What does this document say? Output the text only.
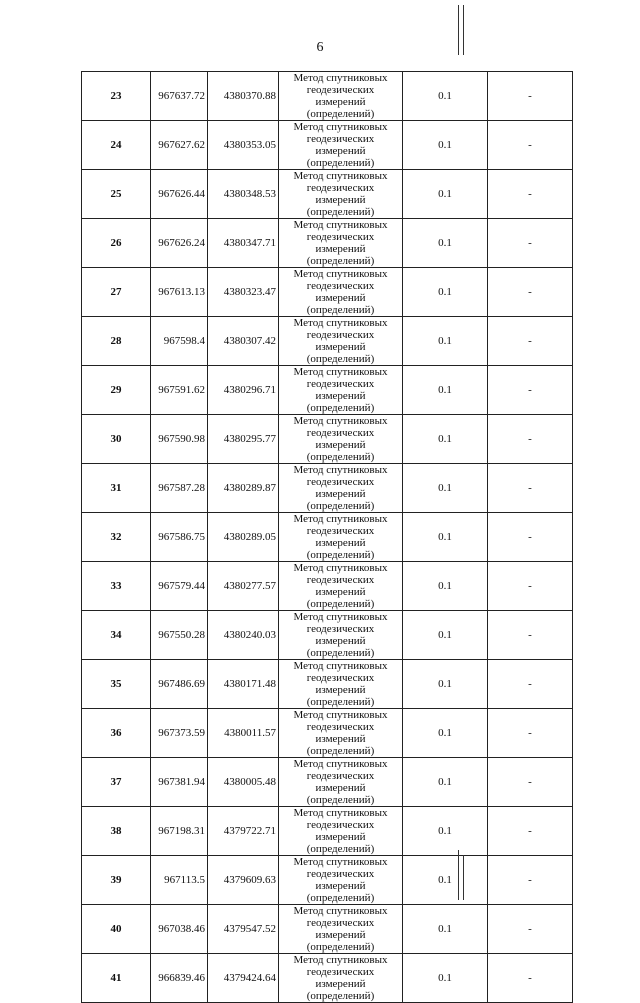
6
23	967637.72	4380370.88	Метод спутниковых геодезических измерений (определений)	0.1	-
24	967627.62	4380353.05	Метод спутниковых геодезических измерений (определений)	0.1	-
25	967626.44	4380348.53	Метод спутниковых геодезических измерений (определений)	0.1	-
26	967626.24	4380347.71	Метод спутниковых геодезических измерений (определений)	0.1	-
27	967613.13	4380323.47	Метод спутниковых геодезических измерений (определений)	0.1	-
28	967598.4	4380307.42	Метод спутниковых геодезических измерений (определений)	0.1	-
29	967591.62	4380296.71	Метод спутниковых геодезических измерений (определений)	0.1	-
30	967590.98	4380295.77	Метод спутниковых геодезических измерений (определений)	0.1	-
31	967587.28	4380289.87	Метод спутниковых геодезических измерений (определений)	0.1	-
32	967586.75	4380289.05	Метод спутниковых геодезических измерений (определений)	0.1	-
33	967579.44	4380277.57	Метод спутниковых геодезических измерений (определений)	0.1	-
34	967550.28	4380240.03	Метод спутниковых геодезических измерений (определений)	0.1	-
35	967486.69	4380171.48	Метод спутниковых геодезических измерений (определений)	0.1	-
36	967373.59	4380011.57	Метод спутниковых геодезических измерений (определений)	0.1	-
37	967381.94	4380005.48	Метод спутниковых геодезических измерений (определений)	0.1	-
38	967198.31	4379722.71	Метод спутниковых геодезических измерений (определений)	0.1	-
39	967113.5	4379609.63	Метод спутниковых геодезических измерений (определений)	0.1	-
40	967038.46	4379547.52	Метод спутниковых геодезических измерений (определений)	0.1	-
41	966839.46	4379424.64	Метод спутниковых геодезических измерений (определений)	0.1	-
